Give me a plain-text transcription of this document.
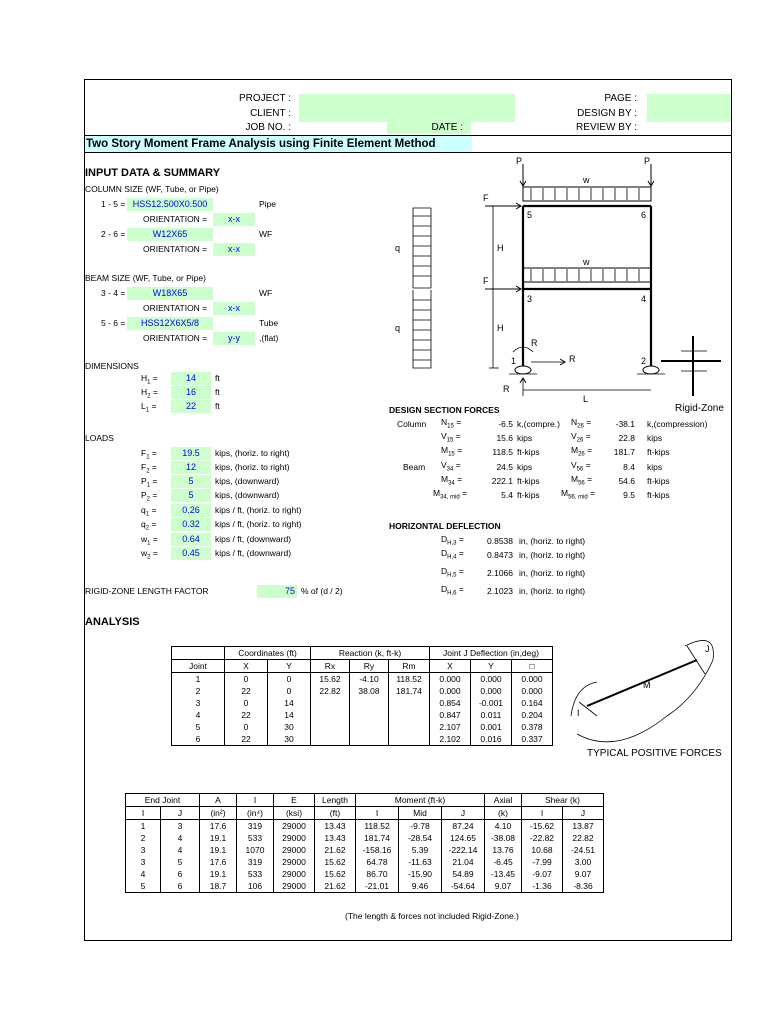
PROJECT :
CLIENT :
JOB NO. :	DATE :
PAGE :
DESIGN BY :
REVIEW BY :
Two Story Moment Frame Analysis using Finite Element Method
INPUT DATA & SUMMARY
COLUMN SIZE (WF, Tube, or Pipe)
1 - 5 = HSS12.500X0.500	Pipe
ORIENTATION =	x-x
2 - 6 =	W12X65	WF
ORIENTATION =	x-x
BEAM SIZE (WF, Tube, or Pipe)
3 - 4 =	W18X65	WF
ORIENTATION =	x-x
5 - 6 =	HSS12X6X5/8	Tube
ORIENTATION =	y-y	,(flat)
DIMENSIONS
$H_1$ =	14	ft
$H_2$ =	16	ft
$L_1$ =	22	ft
LOADS
$F_1$ =	19.5	kips, (horiz. to right)
$F_2$ =	12	kips, (horiz. to right)
$P_1$ =	5	kips, (downward)
$P_2$ =	5	kips, (downward)
$q_1$ =	0.26	kips / ft, (horiz. to right)
$q_2$ =	0.32	kips / ft, (horiz. to right)
$w_1$ =	0.64	kips / ft, (downward)
$w_2$ =	0.45	kips / ft, (downward)
RIGID-ZONE LENGTH FACTOR	75 % of (d / 2)
DESIGN SECTION FORCES
Column $N_{15}$ =	-6.5 k,(compre.) $N_{26}$ =	-38.1 k,(compression)
$V_{15}$ =	15.6 kips	$V_{26}$ =	22.8 kips
$M_{15}$ =	118.5 ft-kips	$M_{26}$ =	181.7 ft-kips
Beam $V_{34}$ =	24.5 kips	$V_{56}$ =	8.4 kips
$M_{34}$ =	222.1 ft-kips	$M_{56}$ =	54.6 ft-kips
$M_{34, mid}$ =	5.4 ft-kips	$M_{56, mid}$ =	9.5 ft-kips
HORIZONTAL DEFLECTION
$D_{H,3}$ =	0.8538 in, (horiz. to right)
$D_{H,4}$ =	0.8473 in, (horiz. to right)
$D_{H,5}$ =	2.1066 in, (horiz. to right)
$D_{H,6}$ =	2.1023 in, (horiz. to right)
P	P
w
w
F
F
H
H
q
q
5	6
3	4
1	2
R
R
R
L
Rigid-Zone
ANALYSIS
	Coordinates (ft)		Reaction (k, ft-k)			Joint J Deflection (in,deg)		
Joint	X	Y	Rx	Ry	Rm	X	Y	□
1	0	0	15.62	-4.10	118.52	0.000	0.000	0.000
2	22	0	22.82	38.08	181.74	0.000	0.000	0.000
3	0	14				0.854	-0.001	0.164
4	22	14				0.847	0.011	0.204
5	0	30				2.107	0.001	0.378
6	22	30				2.102	0.016	0.337
End Joint		A	I	E	Length	Moment (ft-k)			Axial	Shear (k)	
I	J	(in²)	(in⁴)	(ksi)	(ft)	I	Mid	J	(k)	I	J
1	3	17.6	319	29000	13.43	118.52	-9.78	87.24	4.10	-15.62	13.87
2	4	19.1	533	29000	13.43	181.74	-28.54	124.65	-38.08	-22.82	22.82
3	4	19.1	1070	29000	21.62	-158.16	5.39	-222.14	13.76	10.68	-24.51
3	5	17.6	319	29000	15.62	64.78	-11.63	21.04	-6.45	-7.99	3.00
4	6	19.1	533	29000	15.62	86.70	-15.90	54.89	-13.45	-9.07	9.07
5	6	18.7	106	29000	21.62	-21.01	9.46	-54.64	9.07	-1.36	-8.36
(The length & forces not included Rigid-Zone.)
I
J
M
TYPICAL POSITIVE FORCES
